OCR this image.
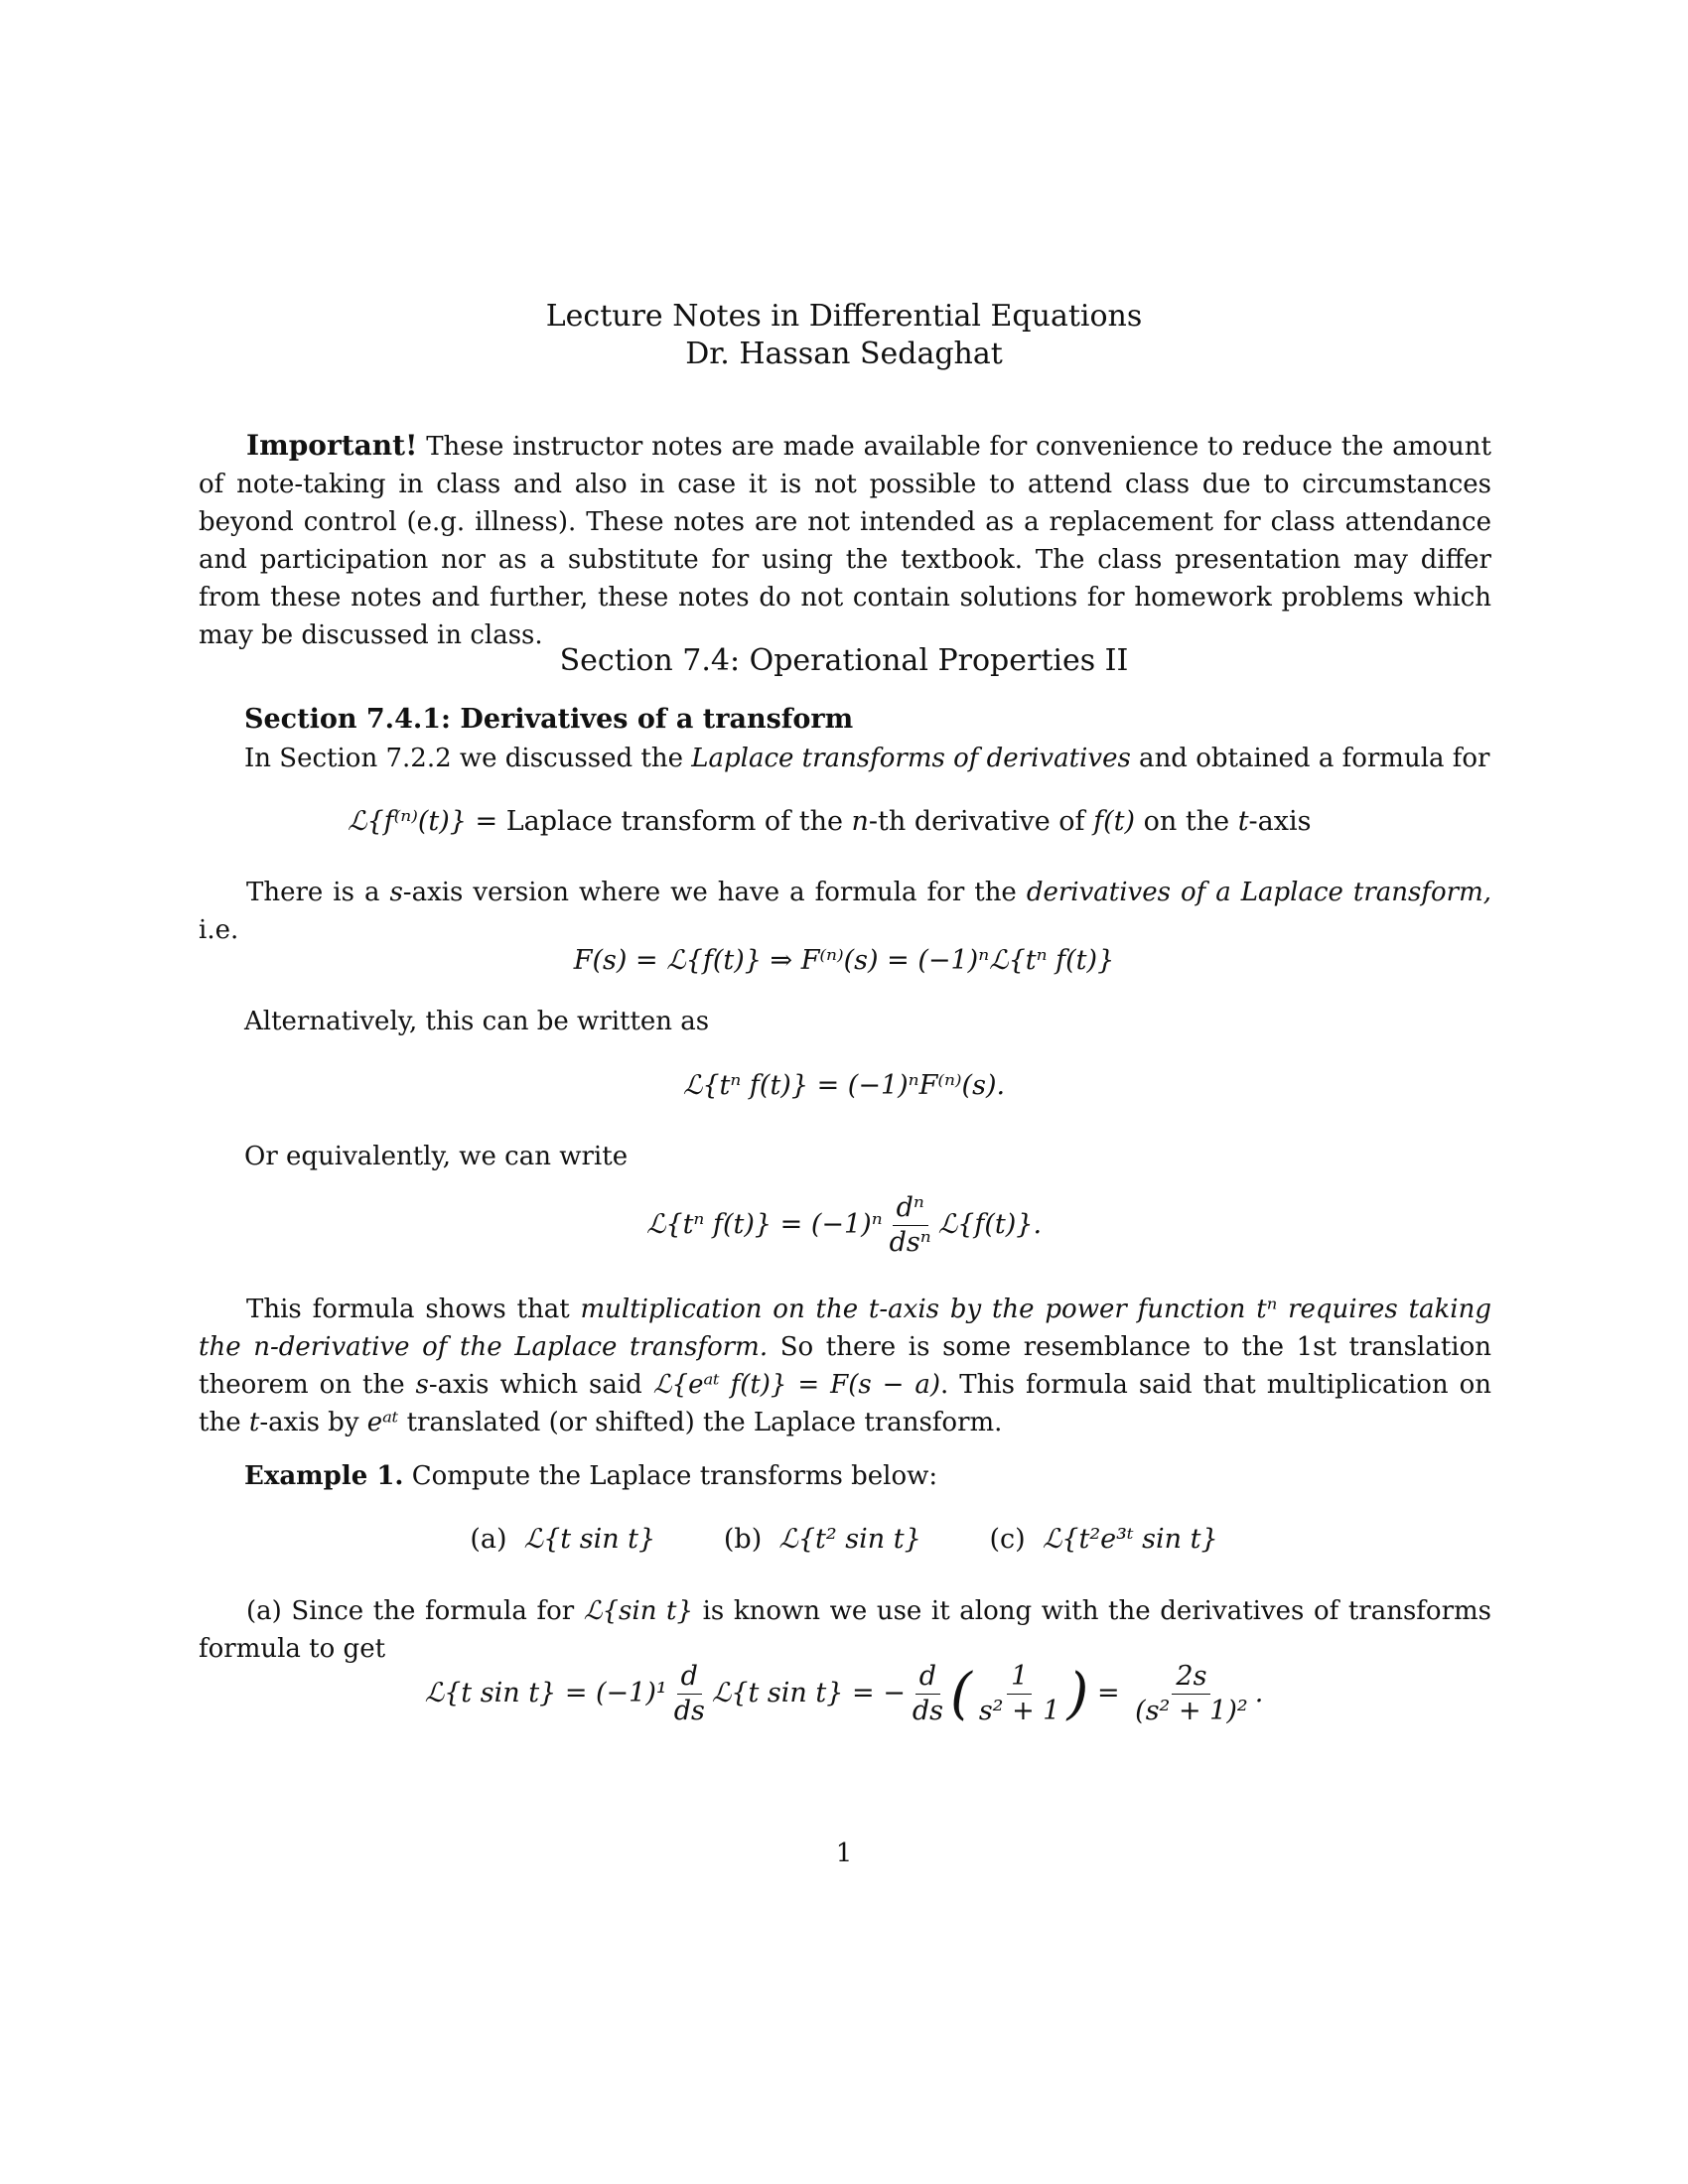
Lecture Notes in Differential Equations
Dr. Hassan Sedaghat
Important! These instructor notes are made available for convenience to reduce the amount of note-taking in class and also in case it is not possible to attend class due to circumstances beyond control (e.g. illness). These notes are not intended as a replacement for class attendance and participation nor as a substitute for using the textbook. The class presentation may differ from these notes and further, these notes do not contain solutions for homework problems which may be discussed in class.
Section 7.4: Operational Properties II
Section 7.4.1: Derivatives of a transform
In Section 7.2.2 we discussed the Laplace transforms of derivatives and obtained a formula for
ℒ{f⁽ⁿ⁾(t)} = Laplace transform of the n-th derivative of f(t) on the t-axis
There is a s-axis version where we have a formula for the derivatives of a Laplace transform, i.e.
F(s) = ℒ{f(t)} ⇒ F⁽ⁿ⁾(s) = (−1)ⁿℒ{tⁿ f(t)}
Alternatively, this can be written as
ℒ{tⁿ f(t)} = (−1)ⁿF⁽ⁿ⁾(s).
Or equivalently, we can write
ℒ{tⁿ $f(t)\} = (-1)^n \frac{\text{dⁿ}}{\text{dsⁿ}}$ ℒ{f(t)}.
This formula shows that multiplication on the t-axis by the power function tⁿ requires taking the n-derivative of the Laplace transform. So there is some resemblance to the 1st translation theorem on the s-axis which said ℒ{eᵃᵗ f(t)} = F(s − a). This formula said that multiplication on the t-axis by eᵃᵗ translated (or shifted) the Laplace transform.
Example 1. Compute the Laplace transforms below:
(a) ℒ{t sin t}	(b) ℒ{t² sin t}	(c) ℒ{t²e³ᵗ sin t}
(a) Since the formula for ℒ{sin t} is known we use it along with the derivatives of transforms formula to get
ℒ{t $\sin t\} = (-1)^1 \frac{d}{ds}$ ℒ{t sin t} = − $\frac{d}{ds}$ ( $\frac{1}{\text{s² + 1}}$ ) = $\frac{2s}{\text{(s² + 1)²}}$ .
1
